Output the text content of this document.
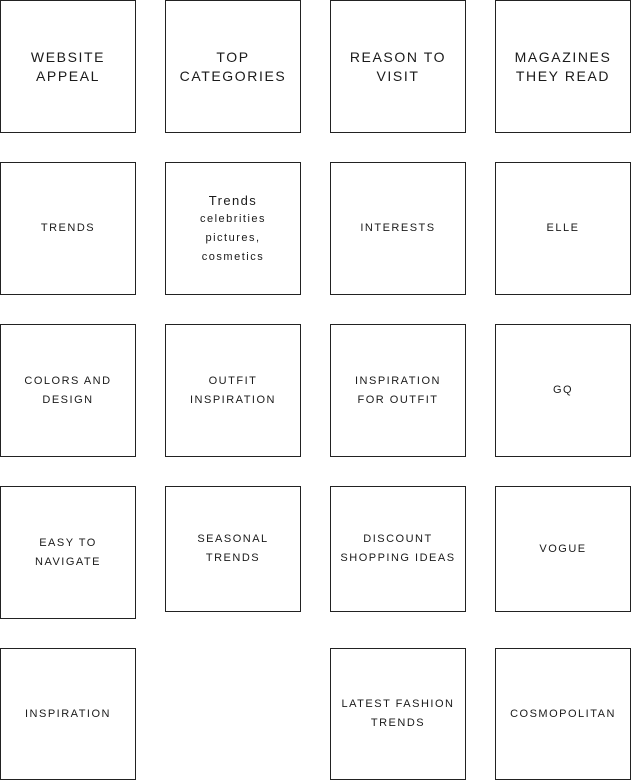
WEBSITE
APPEAL
TRENDS
COLORS AND
DESIGN
EASY TO
NAVIGATE
INSPIRATION
TOP
CATEGORIES
Trends
celebrities
pictures,
cosmetics
OUTFIT
INSPIRATION
SEASONAL
TRENDS
REASON TO
VISIT
INTERESTS
INSPIRATION
FOR OUTFIT
DISCOUNT
SHOPPING IDEAS
LATEST FASHION
TRENDS
MAGAZINES
THEY READ
ELLE
GQ
VOGUE
COSMOPOLITAN
